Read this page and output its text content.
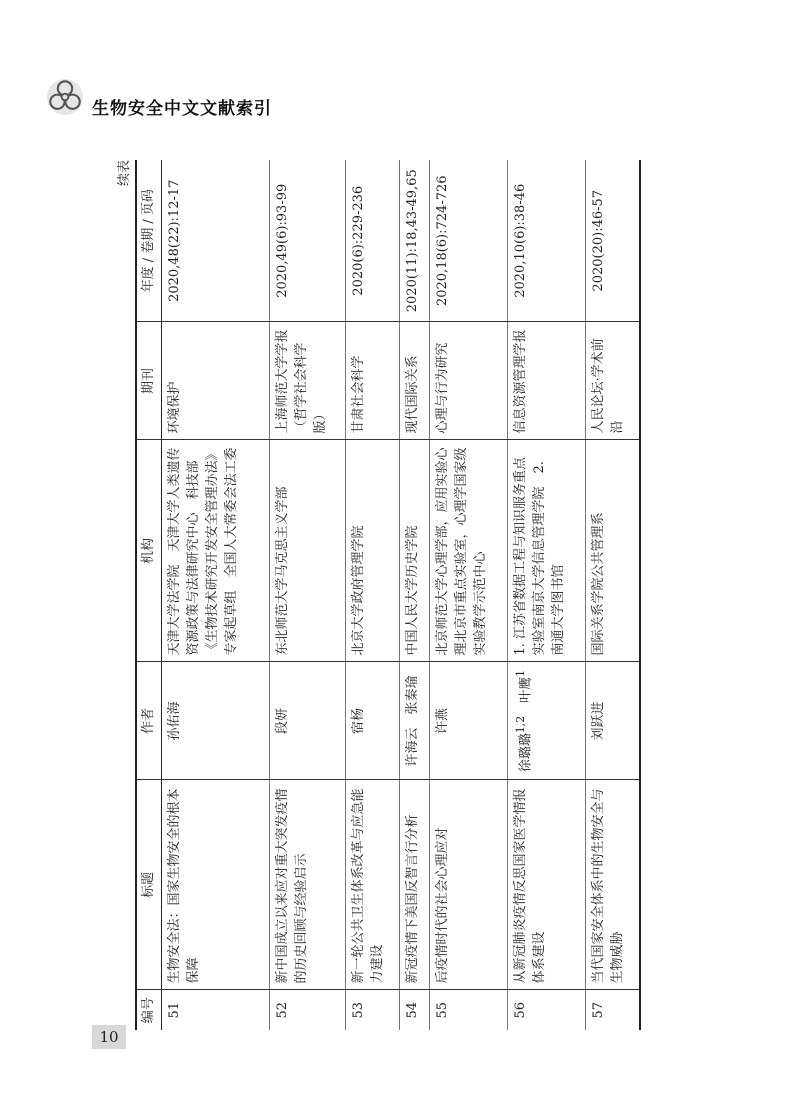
生物安全中文文献索引
续表
编号	标题	作者	机构	期刊	年度 / 卷期 / 页码
51	生物安全法：国家生物安全的根本保障	孙佑海	天津大学法学院　天津大学人类遗传资源政策与法律研究中心　科技部《生物技术研究开发安全管理办法》专家起草组　全国人大常委会法工委	环境保护	2020,48(22):12-17
52	新中国成立以来应对重大突发疫情的历史回顾与经验启示	段妍	东北师范大学马克思主义学部	上海师范大学学报（哲学社会科学版）	2020,49(6):93-99
53	新一轮公共卫生体系改革与应急能力建设	宿杨	北京大学政府管理学院	甘肃社会科学	2020(6):229-236
54	新冠疫情下美国反智言行分析	许海云　张秦瑜	中国人民大学历史学院	现代国际关系	2020(11):18,43-49,65
55	后疫情时代的社会心理应对	许燕	北京师范大学心理学部，应用实验心理北京市重点实验室，心理学国家级实验教学示范中心	心理与行为研究	2020,18(6):724-726
56	从新冠肺炎疫情反思国家医学情报体系建设	徐璐璐$^{1,2}$　叶鹰$^1$	1. 江苏省数据工程与知识服务重点实验室南京大学信息管理学院　2. 南通大学图书馆	信息资源管理学报	2020,10(6):38-46
57	当代国家安全体系中的生物安全与生物威胁	刘跃进	国际关系学院公共管理系	人民论坛·学术前沿	2020(20):46-57
10
